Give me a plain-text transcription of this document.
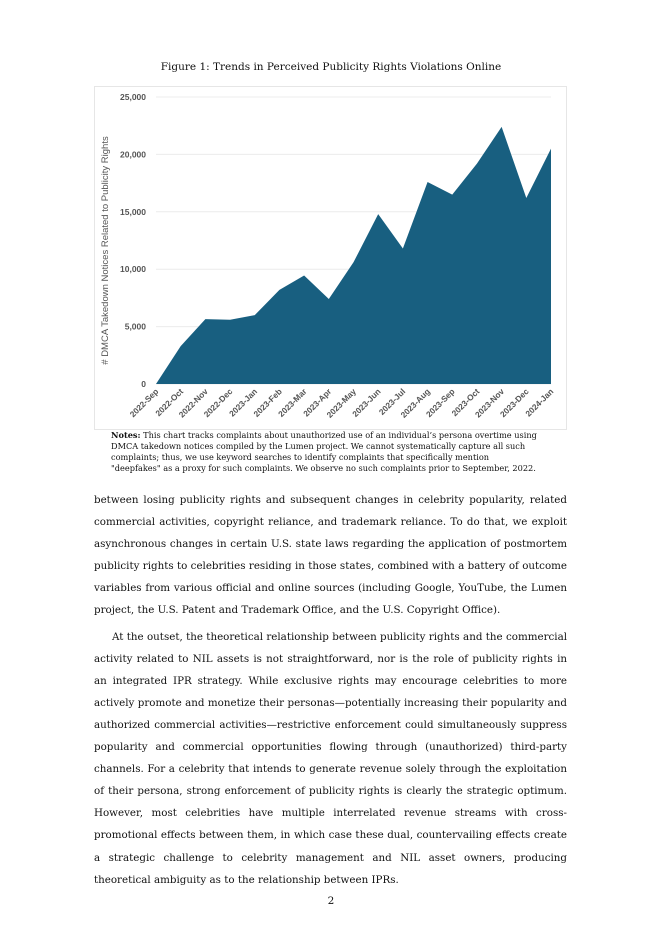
Figure 1: Trends in Perceived Publicity Rights Violations Online
0
5,000
10,000
15,000
20,000
25,000
2022-Sep
2022-Oct
2022-Nov
2022-Dec
2023-Jan
2023-Feb
2023-Mar
2023-Apr
2023-May
2023-Jun
2023-Jul
2023-Aug
2023-Sep
2023-Oct
2023-Nov
2023-Dec
2024-Jan
# DMCA Takedown Notices Related to Publicity Rights
Notes: This chart tracks complaints about unauthorized use of an individual’s persona overtime using DMCA takedown notices compiled by the Lumen project. We cannot systematically capture all such complaints; thus, we use keyword searches to identify complaints that specifically mention "deepfakes" as a proxy for such complaints. We observe no such complaints prior to September, 2022.

between losing publicity rights and subsequent changes in celebrity popularity, related commercial activities, copyright reliance, and trademark reliance. To do that, we exploit asynchronous changes in certain U.S. state laws regarding the application of postmortem publicity rights to celebrities residing in those states, combined with a battery of outcome variables from various official and online sources (including Google, YouTube, the Lumen project, the U.S. Patent and Trademark Office, and the U.S. Copyright Office).

At the outset, the theoretical relationship between publicity rights and the commercial activity related to NIL assets is not straightforward, nor is the role of publicity rights in an integrated IPR strategy. While exclusive rights may encourage celebrities to more actively promote and monetize their personas—potentially increasing their popularity and authorized commercial activities—restrictive enforcement could simultaneously suppress popularity and commercial opportunities flowing through (unauthorized) third-party channels. For a celebrity that intends to generate revenue solely through the exploitation of their persona, strong enforcement of publicity rights is clearly the strategic optimum. However, most celebrities have multiple interrelated revenue streams with cross-promotional effects between them, in which case these dual, countervailing effects create a strategic challenge to celebrity management and NIL asset owners, producing theoretical ambiguity as to the relationship between IPRs.

2
